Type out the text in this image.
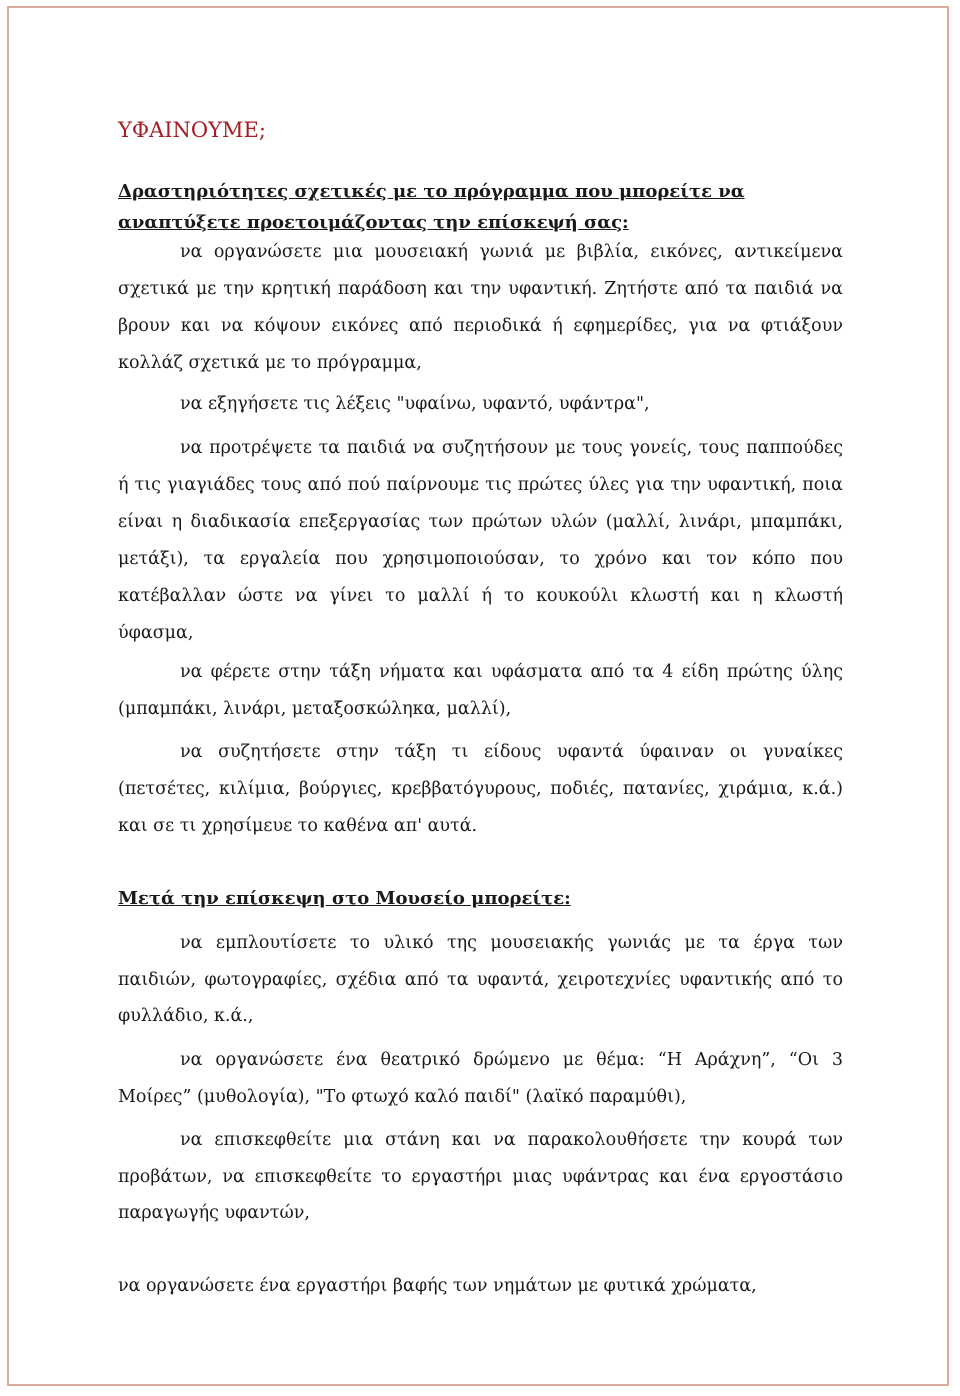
ΥΦΑΙΝΟΥΜΕ;
Δραστηριότητες σχετικές με το πρόγραμμα που μπορείτε να αναπτύξετε προετοιμάζοντας την επίσκεψή σας:
να οργανώσετε μια μουσειακή γωνιά με βιβλία, εικόνες, αντικείμενα σχετικά με την κρητική παράδοση και την υφαντική. Ζητήστε από τα παιδιά να βρουν και να κόψουν εικόνες από περιοδικά ή εφημερίδες, για να φτιάξουν κολλάζ σχετικά με το πρόγραμμα,
να εξηγήσετε τις λέξεις "υφαίνω, υφαντό, υφάντρα",
να προτρέψετε τα παιδιά να συζητήσουν με τους γονείς, τους παππούδες ή τις γιαγιάδες τους από πού παίρνουμε τις πρώτες ύλες για την υφαντική, ποια είναι η διαδικασία επεξεργασίας των πρώτων υλών (μαλλί, λινάρι, μπαμπάκι, μετάξι), τα εργαλεία που χρησιμοποιούσαν, το χρόνο και τον κόπο που κατέβαλλαν ώστε να γίνει το μαλλί ή το κουκούλι κλωστή και η κλωστή ύφασμα,
να φέρετε στην τάξη νήματα και υφάσματα από τα 4 είδη πρώτης ύλης (μπαμπάκι, λινάρι, μεταξοσκώληκα, μαλλί),
να συζητήσετε στην τάξη τι είδους υφαντά ύφαιναν οι γυναίκες (πετσέτες, κιλίμια, βούργιες, κρεββατόγυρους, ποδιές, πατανίες, χιράμια, κ.ά.) και σε τι χρησίμευε το καθένα απ' αυτά.
Μετά την επίσκεψη στο Μουσείο μπορείτε:
να εμπλουτίσετε το υλικό της μουσειακής γωνιάς με τα έργα των παιδιών, φωτογραφίες, σχέδια από τα υφαντά, χειροτεχνίες υφαντικής από το φυλλάδιο, κ.ά.,
να οργανώσετε ένα θεατρικό δρώμενο με θέμα: “Η Αράχνη”, “Οι 3 Μοίρες” (μυθολογία), "Το φτωχό καλό παιδί" (λαϊκό παραμύθι),
να επισκεφθείτε μια στάνη και να παρακολουθήσετε την κουρά των προβάτων, να επισκεφθείτε το εργαστήρι μιας υφάντρας και ένα εργοστάσιο παραγωγής υφαντών,
να οργανώσετε ένα εργαστήρι βαφής των νημάτων με φυτικά χρώματα,
